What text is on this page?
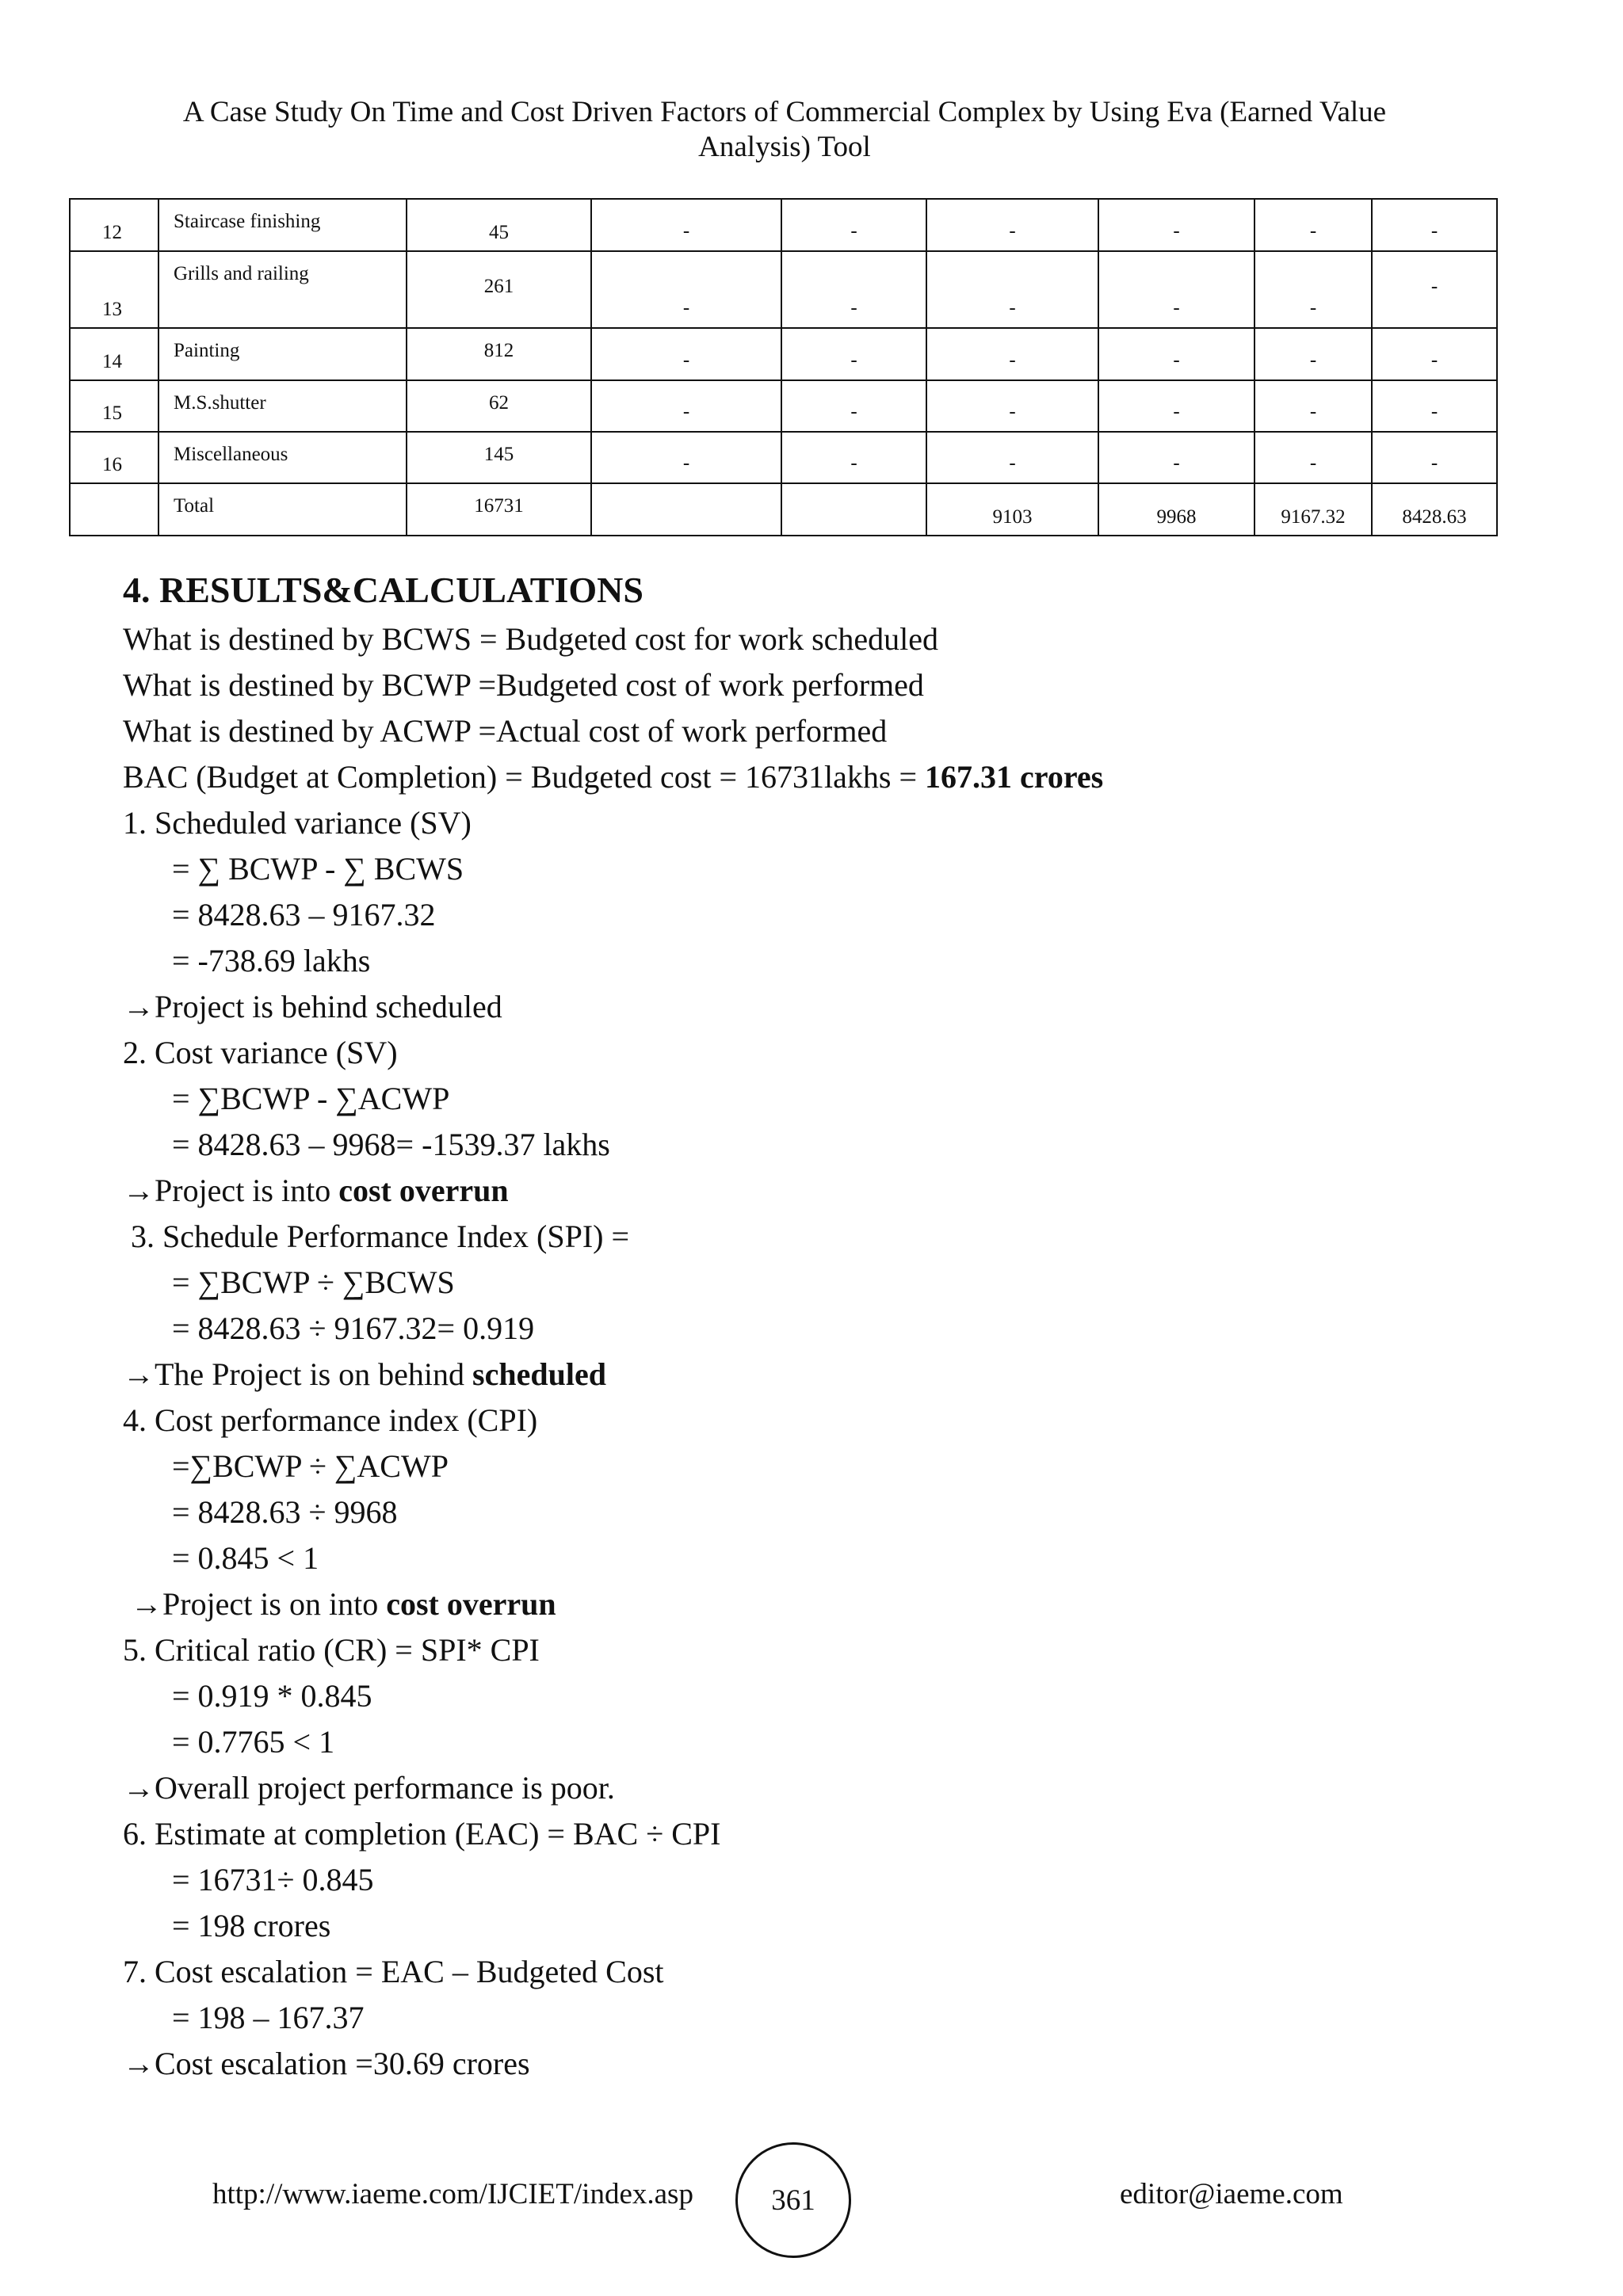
A Case Study On Time and Cost Driven Factors of Commercial Complex by Using Eva (Earned Value
Analysis) Tool
12	Staircase finishing	45	-	-	-	-	-	-

13	Grills and railing	261	-	-	-	-	-	-

14	Painting	812	-	-	-	-	-	-

15	M.S.shutter	62	-	-	-	-	-	-

16	Miscellaneous	145	-	-	-	-	-	-

	Total	16731			9103	9968	9167.32	8428.63
4. RESULTS&CALCULATIONS
What is destined by BCWS = Budgeted cost for work scheduled
What is destined by BCWP =Budgeted cost of work performed
What is destined by ACWP =Actual cost of work performed
BAC (Budget at Completion) = Budgeted cost = 16731lakhs = 167.31 crores
1. Scheduled variance (SV)
= ∑ BCWP - ∑ BCWS
= 8428.63 – 9167.32
= -738.69 lakhs
→Project is behind scheduled
2. Cost variance (SV)
= ∑BCWP - ∑ACWP
= 8428.63 – 9968= -1539.37 lakhs
→Project is into cost overrun
3. Schedule Performance Index (SPI) =
= ∑BCWP ÷ ∑BCWS
= 8428.63 ÷ 9167.32= 0.919
→The Project is on behind scheduled
4. Cost performance index (CPI)
=∑BCWP ÷ ∑ACWP
= 8428.63 ÷ 9968
= 0.845 < 1
→Project is on into cost overrun
5. Critical ratio (CR) = SPI* CPI
= 0.919 * 0.845
= 0.7765 < 1
→Overall project performance is poor.
6. Estimate at completion (EAC) = BAC ÷ CPI
= 16731÷ 0.845
= 198 crores
7. Cost escalation = EAC – Budgeted Cost
= 198 – 167.37
→Cost escalation =30.69 crores
http://www.iaeme.com/IJCIET/index.asp	361	editor@iaeme.com
